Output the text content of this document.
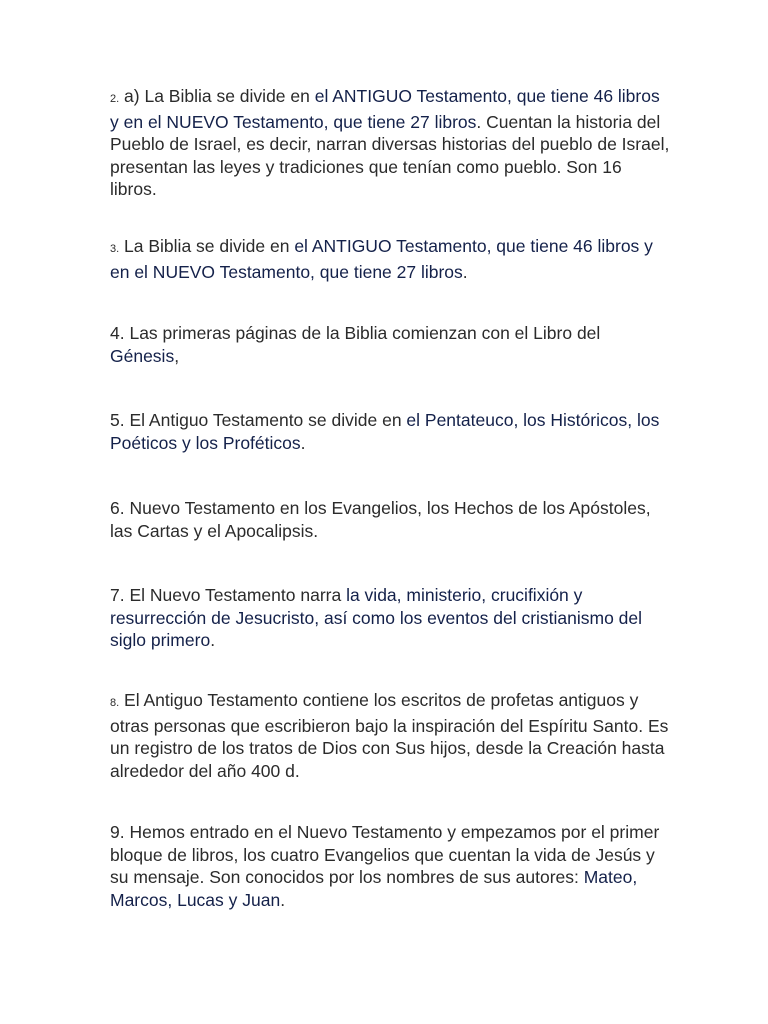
2. a) La Biblia se divide en el ANTIGUO Testamento, que tiene 46 libros y en el NUEVO Testamento, que tiene 27 libros. Cuentan la historia del Pueblo de Israel, es decir, narran diversas historias del pueblo de Israel, presentan las leyes y tradiciones que tenían como pueblo. Son 16 libros.

3. La Biblia se divide en el ANTIGUO Testamento, que tiene 46 libros y en el NUEVO Testamento, que tiene 27 libros.

4. Las primeras páginas de la Biblia comienzan con el Libro del Génesis,

5. El Antiguo Testamento se divide en el Pentateuco, los Históricos, los Poéticos y los Proféticos.

6. Nuevo Testamento en los Evangelios, los Hechos de los Apóstoles, las Cartas y el Apocalipsis.

7. El Nuevo Testamento narra la vida, ministerio, crucifixión y resurrección de Jesucristo, así como los eventos del cristianismo del siglo primero.

8. El Antiguo Testamento contiene los escritos de profetas antiguos y otras personas que escribieron bajo la inspiración del Espíritu Santo. Es un registro de los tratos de Dios con Sus hijos, desde la Creación hasta alrededor del año 400 d.

9. Hemos entrado en el Nuevo Testamento y empezamos por el primer bloque de libros, los cuatro Evangelios que cuentan la vida de Jesús y su mensaje. Son conocidos por los nombres de sus autores: Mateo, Marcos, Lucas y Juan.
